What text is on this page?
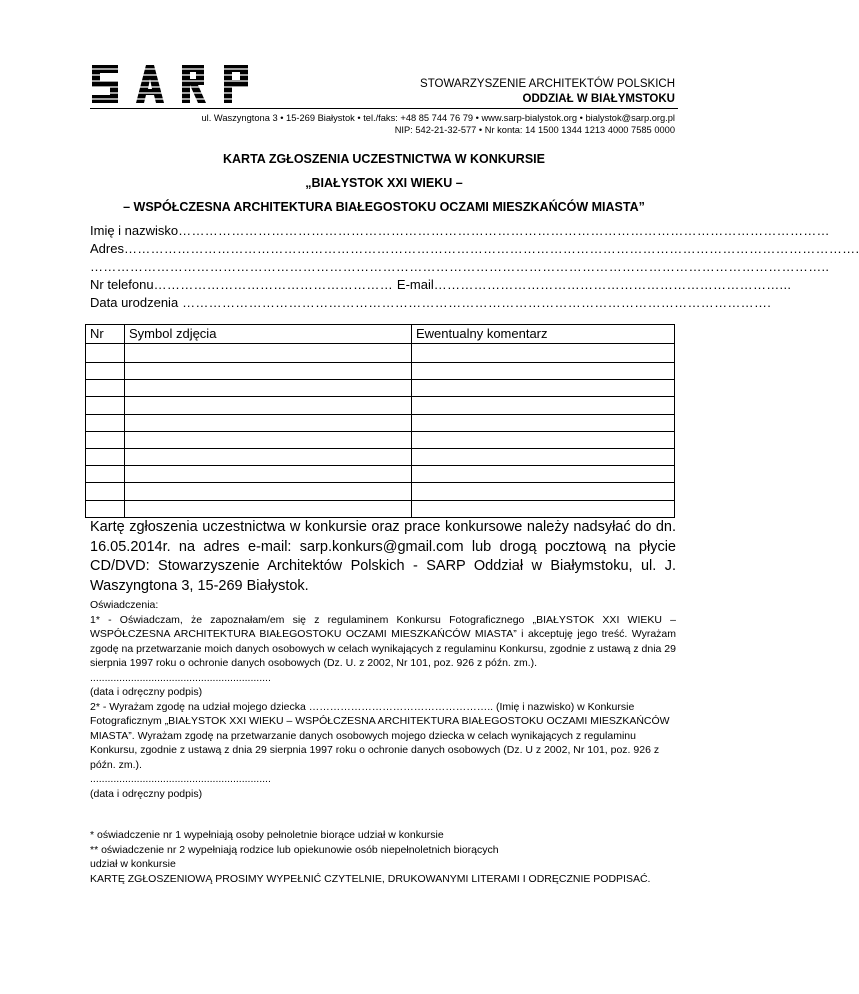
STOWARZYSZENIE ARCHITEKTÓW POLSKICH
ODDZIAŁ W BIAŁYMSTOKU
ul. Waszyngtona 3 • 15-269 Białystok • tel./faks: +48 85 744 76 79 • www.sarp-bialystok.org • bialystok@sarp.org.pl
NIP: 542-21-32-577 • Nr konta: 14 1500 1344 1213 4000 7585 0000
KARTA ZGŁOSZENIA UCZESTNICTWA W KONKURSIE
„BIAŁYSTOK XXI WIEKU –
– WSPÓŁCZESNA ARCHITEKTURA BIAŁEGOSTOKU OCZAMI MIESZKAŃCÓW MIASTA”
Imię i nazwisko…………………………………………………………………………………………………………………………………
Adres………………………………………………………………………………………………………………………………………………….
…………………………………………………………………………………………………………………………………………………..
Nr telefonu……………………………………………… E-mail……………………………………………………………………...
Data urodzenia …………………………………………………………………………………………………………………….
Nr	Symbol zdjęcia	Ewentualny komentarz

Kartę zgłoszenia uczestnictwa w konkursie oraz prace konkursowe należy nadsyłać do dn. 16.05.2014r. na adres e-mail: sarp.konkurs@gmail.com lub drogą pocztową na płycie CD/DVD: Stowarzyszenie Architektów Polskich - SARP Oddział w Białymstoku, ul. J. Waszyngtona 3, 15-269 Białystok.

Oświadczenia:

1* - Oświadczam, że zapoznałam/em się z regulaminem Konkursu Fotograficznego „BIAŁYSTOK XXI WIEKU – WSPÓŁCZESNA ARCHITEKTURA BIAŁEGOSTOKU OCZAMI MIESZKAŃCÓW MIASTA” i akceptuję jego treść. Wyrażam zgodę na przetwarzanie moich danych osobowych w celach wynikających z regulaminu Konkursu, zgodnie z ustawą z dnia 29 sierpnia 1997 roku o ochronie danych osobowych (Dz. U. z 2002, Nr 101, poz. 926 z późn. zm.).

..............................................................

(data i odręczny podpis)

2* - Wyrażam zgodę na udział mojego dziecka …………………………………………….. (Imię i nazwisko) w Konkursie Fotograficznym „BIAŁYSTOK XXI WIEKU – WSPÓŁCZESNA ARCHITEKTURA BIAŁEGOSTOKU OCZAMI MIESZKAŃCÓW MIASTA”. Wyrażam zgodę na przetwarzanie danych osobowych mojego dziecka w celach wynikających z regulaminu Konkursu, zgodnie z ustawą z dnia 29 sierpnia 1997 roku o ochronie danych osobowych (Dz. U z 2002, Nr 101, poz. 926 z późn. zm.).

..............................................................

(data i odręczny podpis)

* oświadczenie nr 1 wypełniają osoby pełnoletnie biorące udział w konkursie

** oświadczenie nr 2 wypełniają rodzice lub opiekunowie osób niepełnoletnich biorących

udział w konkursie

KARTĘ ZGŁOSZENIOWĄ PROSIMY WYPEŁNIĆ CZYTELNIE, DRUKOWANYMI LITERAMI I ODRĘCZNIE PODPISAĆ.
